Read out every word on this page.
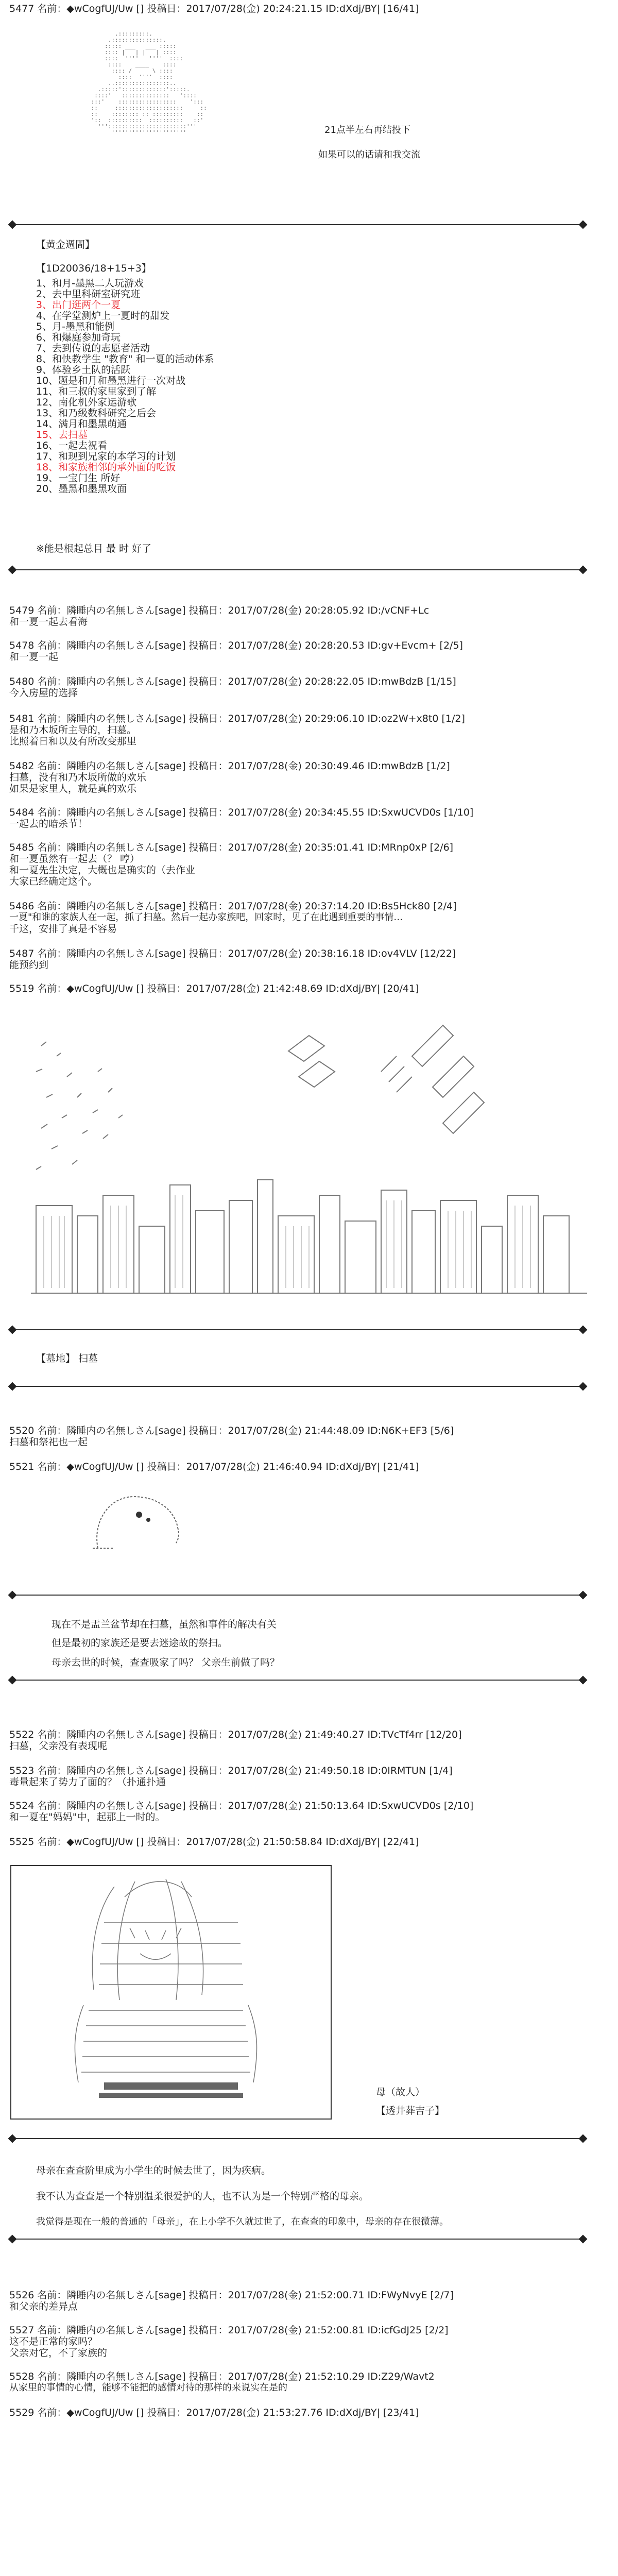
5477 名前：◆wCogfUJ/Uw [] 投稿日：2017/07/28(金) 20:24:21.15 ID:dXdj/BY| [16/41]
.:::::::::.
.:::::::::::::::.
::::: ___   ___ :::::
:::: |   | |   | ::::
::::  ''''   ''''  ::::
::::    ____    ::::
:::: /      \ ::::
::::  ''''  ::::
..::::::::::::::::..
.:::::':::::::::::::':::::.
::::'   ::::::::::::::   '::::
:::'    :::::::::::::::::    ':::
::     ::::::::::::::::::::     ::
::    :::::::: :: :::::::::    ::
'::  ::::::::::  ::::::::::   ::'
''':::::::::::::::::::::::'''
''''''''''''''''''''''	21点半左右再结投下
如果可以的话请和我交流
【黄金週間】
【1D20036/18+15+3】
1、和月-墨黑二人玩游戏
2、去中里科研室研究班
3、出门逛两个一夏
4、在学堂测炉上一夏时的甜发
5、月-墨黑和能例
6、和爆庭参加奇玩
7、去到传说的志愿者活动
8、和快教学生 "教育" 和一夏的活动体系
9、体验乡土队的活跃
10、题是和月和墨黑进行一次对战
11、和三叔的家里家到了解
12、南化机外家运游歌
13、和乃级数科研究之后会
14、满月和墨黑萌通
15、去扫墓
16、一起去祝看
17、和现到兄家的本学习的计划
18、和家族相邻的承外面的吃饭
19、一宝门生 所好
20、墨黑和墨黑攻面
※能是根起总目 最 时 好了
5479 名前：隣睡内の名無しさん[sage] 投稿日：2017/07/28(金) 20:28:05.92 ID:/vCNF+Lc
和一夏一起去看海
5478 名前：隣睡内の名無しさん[sage] 投稿日：2017/07/28(金) 20:28:20.53 ID:gv+Evcm+ [2/5]
和一夏一起
5480 名前：隣睡内の名無しさん[sage] 投稿日：2017/07/28(金) 20:28:22.05 ID:mwBdzB [1/15]
今入房屋的选择
5481 名前：隣睡内の名無しさん[sage] 投稿日：2017/07/28(金) 20:29:06.10 ID:oz2W+x8t0 [1/2]
是和乃木坂所主导的，扫墓。
比照着日和以及有所改变那里
5482 名前：隣睡内の名無しさん[sage] 投稿日：2017/07/28(金) 20:30:49.46 ID:mwBdzB [1/2]
扫墓，没有和乃木坂所做的欢乐
如果是家里人，就是真的欢乐
5484 名前：隣睡内の名無しさん[sage] 投稿日：2017/07/28(金) 20:34:45.55 ID:SxwUCVD0s [1/10]
一起去的暗杀节！
5485 名前：隣睡内の名無しさん[sage] 投稿日：2017/07/28(金) 20:35:01.41 ID:MRnp0xP [2/6]
和一夏虽然有一起去（？ 哼）
和一夏先生决定，大概也是确实的（去作业
大家已经确定这个。
5486 名前：隣睡内の名無しさん[sage] 投稿日：2017/07/28(金) 20:37:14.20 ID:Bs5Hck80 [2/4]
一夏"和谁的家族人在一起，抓了扫墓。然后一起办家族吧，回家时，见了在此遇到重要的事情…
千这，安排了真是不容易
5487 名前：隣睡内の名無しさん[sage] 投稿日：2017/07/28(金) 20:38:16.18 ID:ov4VLV [12/22]
能预约到
5519 名前：◆wCogfUJ/Uw [] 投稿日：2017/07/28(金) 21:42:48.69 ID:dXdj/BY| [20/41]
【墓地】 扫墓
5520 名前：隣睡内の名無しさん[sage] 投稿日：2017/07/28(金) 21:44:48.09 ID:N6K+EF3 [5/6]
扫墓和祭祀也一起
5521 名前：◆wCogfUJ/Uw [] 投稿日：2017/07/28(金) 21:46:40.94 ID:dXdj/BY| [21/41]
现在不是盂兰盆节却在扫墓，虽然和事件的解决有关
但是最初的家族还是要去迷途故的祭扫。
母亲去世的时候，查查吸家了吗？ 父亲生前做了吗？
5522 名前：隣睡内の名無しさん[sage] 投稿日：2017/07/28(金) 21:49:40.27 ID:TVcTf4rr [12/20]
扫墓，父亲没有表现呢
5523 名前：隣睡内の名無しさん[sage] 投稿日：2017/07/28(金) 21:49:50.18 ID:0IRMTUN [1/4]
毒量起来了势力了面的？（扑通扑通
5524 名前：隣睡内の名無しさん[sage] 投稿日：2017/07/28(金) 21:50:13.64 ID:SxwUCVD0s [2/10]
和一夏在"妈妈"中，起那上一时的。
5525 名前：◆wCogfUJ/Uw [] 投稿日：2017/07/28(金) 21:50:58.84 ID:dXdj/BY| [22/41]
母（故人）
【透井葬吉子】
母亲在查查阶里成为小学生的时候去世了，因为疾病。
我不认为查查是一个特别温柔很爱护的人，也不认为是一个特别严格的母亲。
我觉得是现在一般的普通的「母亲」，在上小学不久就过世了，在查查的印象中，母亲的存在很微薄。
5526 名前：隣睡内の名無しさん[sage] 投稿日：2017/07/28(金) 21:52:00.71 ID:FWyNvyE [2/7]
和父亲的差异点
5527 名前：隣睡内の名無しさん[sage] 投稿日：2017/07/28(金) 21:52:00.81 ID:icfGdJ25 [2/2]
这不是正常的家吗？
父亲对它，不了家族的
5528 名前：隣睡内の名無しさん[sage] 投稿日：2017/07/28(金) 21:52:10.29 ID:Z29/Wavt2
从家里的事情的心情，能够不能把的感情对待的那样的来说实在是的
5529 名前：◆wCogfUJ/Uw [] 投稿日：2017/07/28(金) 21:53:27.76 ID:dXdj/BY| [23/41]
